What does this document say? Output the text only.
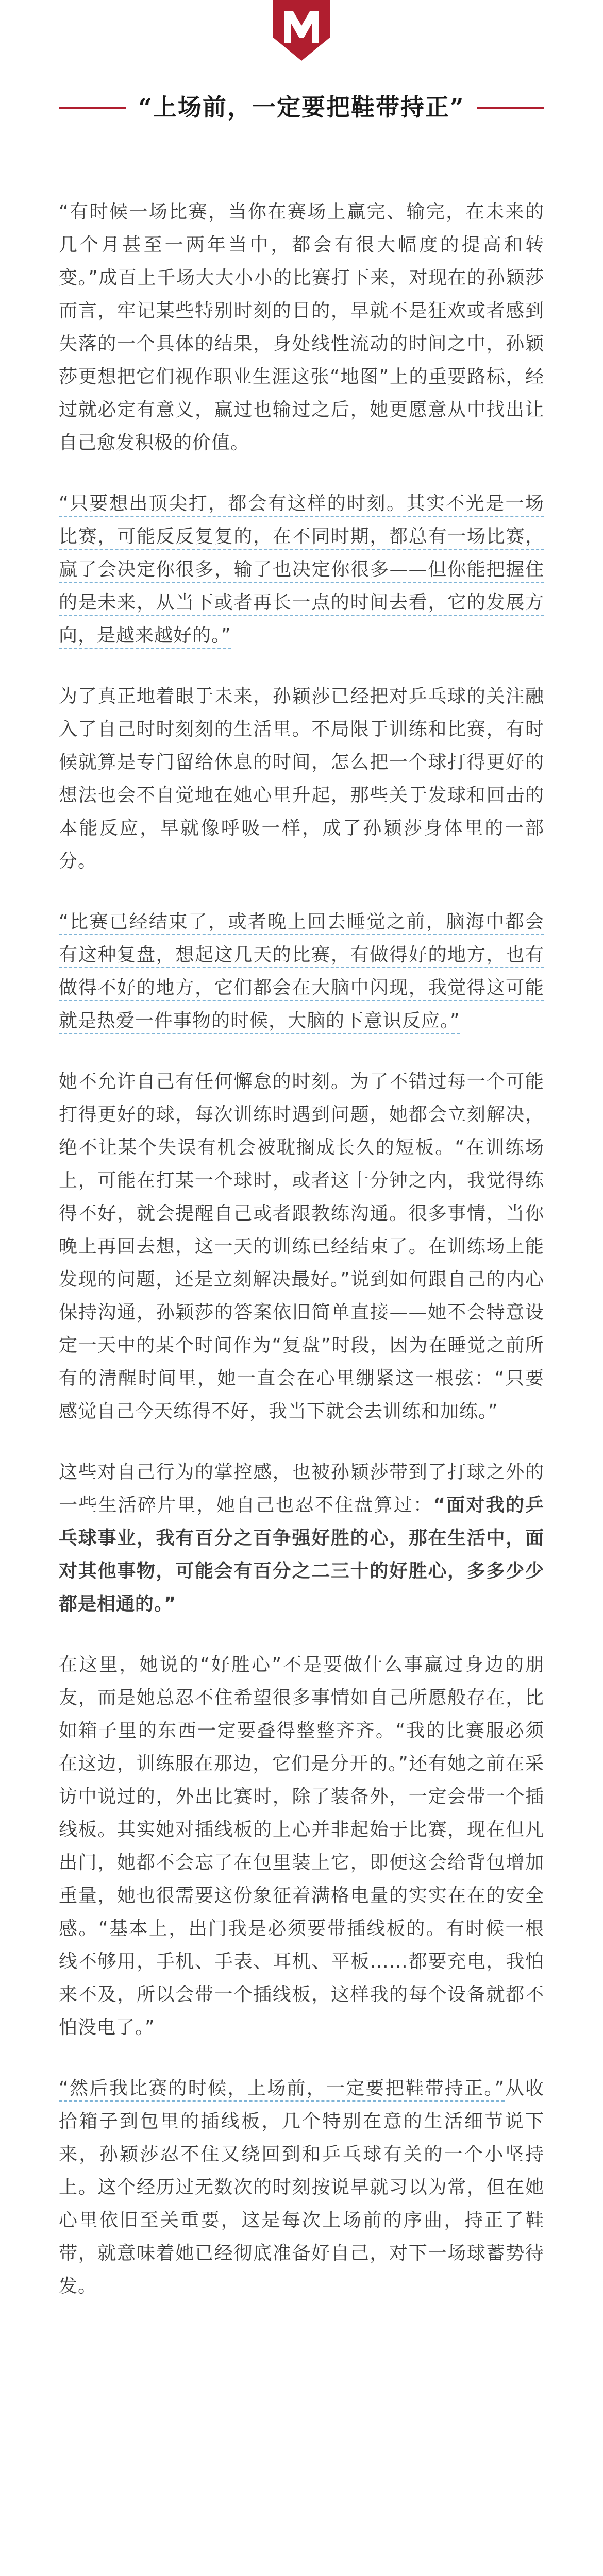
“上场前，一定要把鞋带持正”

“有时候一场比赛，当你在赛场上赢完、输完，在未来的几个月甚至一两年当中，都会有很大幅度的提高和转变。”成百上千场大大小小的比赛打下来，对现在的孙颖莎而言，牢记某些特别时刻的目的，早就不是狂欢或者感到失落的一个具体的结果，身处线性流动的时间之中，孙颖莎更想把它们视作职业生涯这张“地图”上的重要路标，经过就必定有意义，赢过也输过之后，她更愿意从中找出让自己愈发积极的价值。

“只要想出顶尖打，都会有这样的时刻。其实不光是一场比赛，可能反反复复的，在不同时期，都总有一场比赛，赢了会决定你很多，输了也决定你很多——但你能把握住的是未来，从当下或者再长一点的时间去看，它的发展方向，是越来越好的。”

为了真正地着眼于未来，孙颖莎已经把对乒乓球的关注融入了自己时时刻刻的生活里。不局限于训练和比赛，有时候就算是专门留给休息的时间，怎么把一个球打得更好的想法也会不自觉地在她心里升起，那些关于发球和回击的本能反应，早就像呼吸一样，成了孙颖莎身体里的一部分。

“比赛已经结束了，或者晚上回去睡觉之前，脑海中都会有这种复盘，想起这几天的比赛，有做得好的地方，也有做得不好的地方，它们都会在大脑中闪现，我觉得这可能就是热爱一件事物的时候，大脑的下意识反应。”

她不允许自己有任何懈怠的时刻。为了不错过每一个可能打得更好的球，每次训练时遇到问题，她都会立刻解决，绝不让某个失误有机会被耽搁成长久的短板。“在训练场上，可能在打某一个球时，或者这十分钟之内，我觉得练得不好，就会提醒自己或者跟教练沟通。很多事情，当你晚上再回去想，这一天的训练已经结束了。在训练场上能发现的问题，还是立刻解决最好。”说到如何跟自己的内心保持沟通，孙颖莎的答案依旧简单直接——她不会特意设定一天中的某个时间作为“复盘”时段，因为在睡觉之前所有的清醒时间里，她一直会在心里绷紧这一根弦：“只要感觉自己今天练得不好，我当下就会去训练和加练。”

这些对自己行为的掌控感，也被孙颖莎带到了打球之外的一些生活碎片里，她自己也忍不住盘算过：“面对我的乒乓球事业，我有百分之百争强好胜的心，那在生活中，面对其他事物，可能会有百分之二三十的好胜心，多多少少都是相通的。”

在这里，她说的“好胜心”不是要做什么事赢过身边的朋友，而是她总忍不住希望很多事情如自己所愿般存在，比如箱子里的东西一定要叠得整整齐齐。“我的比赛服必须在这边，训练服在那边，它们是分开的。”还有她之前在采访中说过的，外出比赛时，除了装备外，一定会带一个插线板。其实她对插线板的上心并非起始于比赛，现在但凡出门，她都不会忘了在包里装上它，即便这会给背包增加重量，她也很需要这份象征着满格电量的实实在在的安全感。“基本上，出门我是必须要带插线板的。有时候一根线不够用，手机、手表、耳机、平板……都要充电，我怕来不及，所以会带一个插线板，这样我的每个设备就都不怕没电了。”

“然后我比赛的时候，上场前，一定要把鞋带持正。”从收拾箱子到包里的插线板，几个特别在意的生活细节说下来，孙颖莎忍不住又绕回到和乒乓球有关的一个小坚持上。这个经历过无数次的时刻按说早就习以为常，但在她心里依旧至关重要，这是每次上场前的序曲，持正了鞋带，就意味着她已经彻底准备好自己，对下一场球蓄势待发。
